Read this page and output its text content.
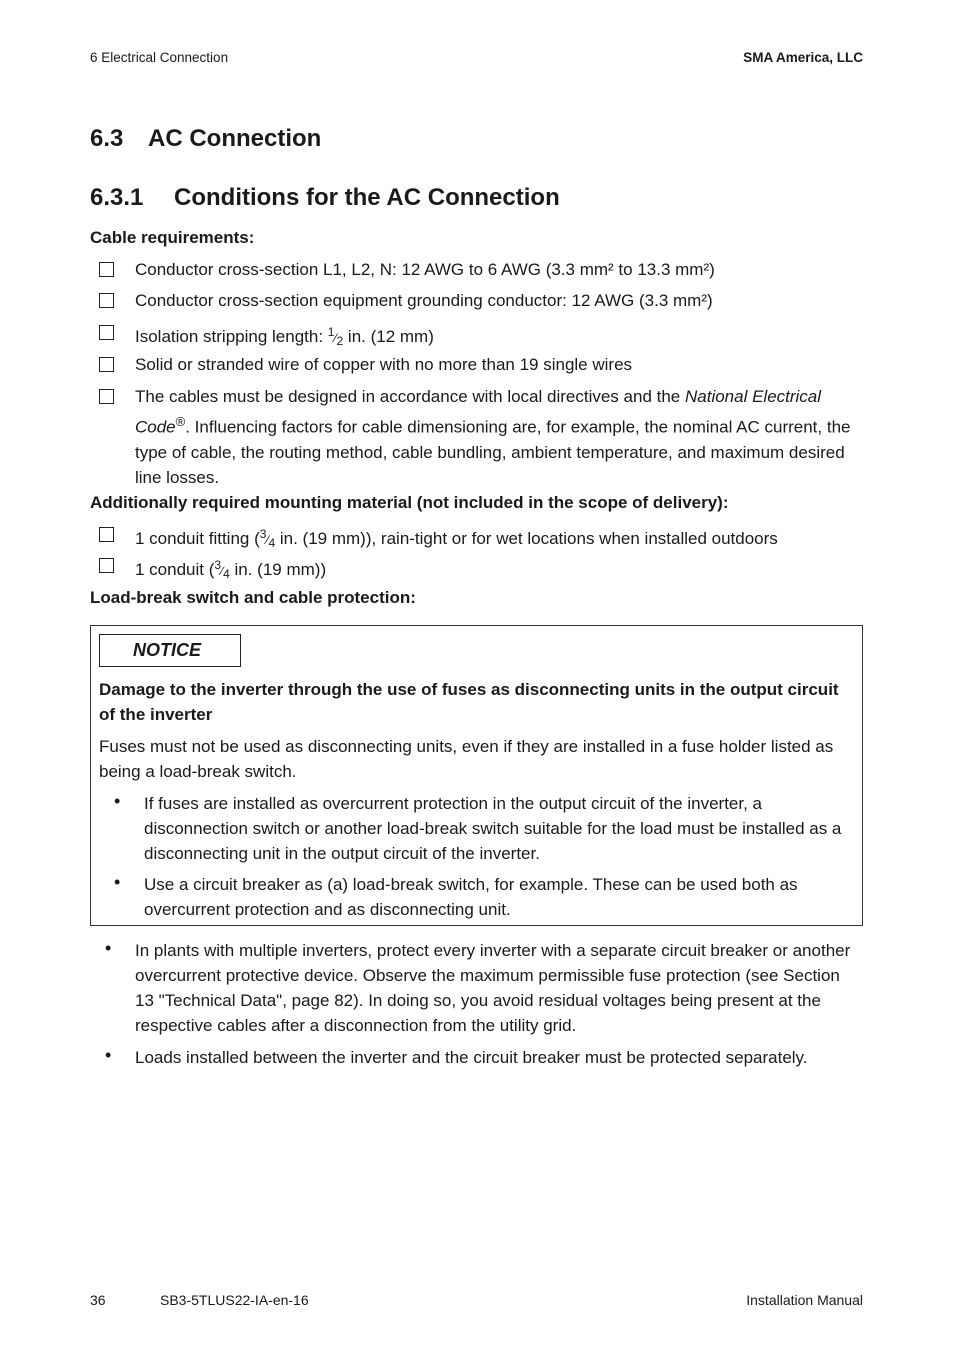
6 Electrical Connection	SMA America, LLC
6.3 AC Connection
6.3.1 Conditions for the AC Connection
Cable requirements:
Conductor cross-section L1, L2, N: 12 AWG to 6 AWG (3.3 mm² to 13.3 mm²)
Conductor cross-section equipment grounding conductor: 12 AWG (3.3 mm²)
Isolation stripping length: $^1⁄_2$ in. (12 mm)
Solid or stranded wire of copper with no more than 19 single wires
The cables must be designed in accordance with local directives and the National Electrical Code®. Influencing factors for cable dimensioning are, for example, the nominal AC current, the type of cable, the routing method, cable bundling, ambient temperature, and maximum desired line losses.
Additionally required mounting material (not included in the scope of delivery):
1 conduit fitting ($^3⁄_4$ in. (19 mm)), rain-tight or for wet locations when installed outdoors
1 conduit ($^3⁄_4$ in. (19 mm))
Load-break switch and cable protection:
NOTICE
Damage to the inverter through the use of fuses as disconnecting units in the output circuit of the inverter
Fuses must not be used as disconnecting units, even if they are installed in a fuse holder listed as being a load-break switch.
• If fuses are installed as overcurrent protection in the output circuit of the inverter, a disconnection switch or another load-break switch suitable for the load must be installed as a disconnecting unit in the output circuit of the inverter.
• Use a circuit breaker as (a) load-break switch, for example. These can be used both as overcurrent protection and as disconnecting unit.
• In plants with multiple inverters, protect every inverter with a separate circuit breaker or another overcurrent protective device. Observe the maximum permissible fuse protection (see Section 13 "Technical Data", page 82). In doing so, you avoid residual voltages being present at the respective cables after a disconnection from the utility grid.
• Loads installed between the inverter and the circuit breaker must be protected separately.
36	SB3-5TLUS22-IA-en-16	Installation Manual
